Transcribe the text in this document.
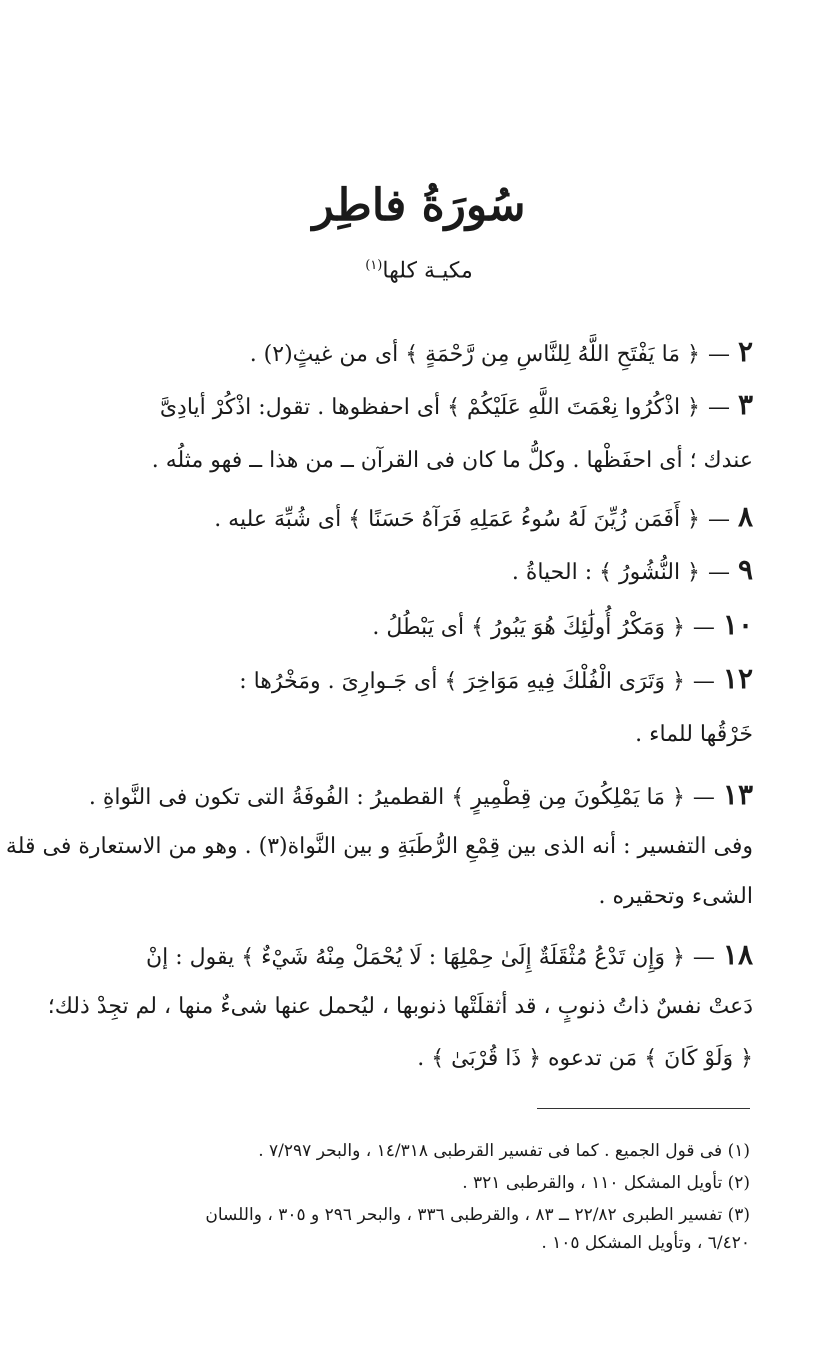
سُورَةُ فاطِر
مكيـة كلها$^{(١)}$
٢—﴿ مَا يَفْتَحِ اللَّهُ لِلنَّاسِ مِن رَّحْمَةٍ ﴾ أى من غيثٍ(٢) .
٣—﴿ اذْكُرُوا نِعْمَتَ اللَّهِ عَلَيْكُمْ ﴾ أى احفظوها . تقول: اذْكُرْ أيادِىَّ
عندك ؛ أى احفَظْها . وكلُّ ما كان فى القرآن ــ من هذا ــ فهو مثلُه .
٨—﴿ أَفَمَن زُيِّنَ لَهُ سُوءُ عَمَلِهِ فَرَآهُ حَسَنًا ﴾ أى شُبِّهَ عليه .
٩—﴿ النُّشُورُ ﴾ : الحياةُ .
١٠—﴿ وَمَكْرُ أُولَٰئِكَ هُوَ يَبُورُ ﴾ أى يَبْطُلُ .
١٢—﴿ وَتَرَى الْفُلْكَ فِيهِ مَوَاخِرَ ﴾ أى جَـوارِىَ . ومَخْرُها :
خَرْقُها للماء .
١٣—﴿ مَا يَمْلِكُونَ مِن قِطْمِيرٍ ﴾ القطميرُ : الفُوفَةُ التى تكون فى النَّواةِ .
وفى التفسير : أنه الذى بين قِمْعِ الرُّطَبَةِ و بين النَّواة(٣) . وهو من الاستعارة فى قلة
الشىء وتحقيره .
١٨—﴿ وَإِن تَدْعُ مُثْقَلَةٌ إِلَىٰ حِمْلِهَا : لَا يُحْمَلْ مِنْهُ شَيْءٌ ﴾ يقول : إنْ
دَعتْ نفسٌ ذاتُ ذنوبٍ ، قد أثقلَتْها ذنوبها ، ليُحمل عنها شىءٌ منها ، لم تجِدْ ذلك؛
﴿ وَلَوْ كَانَ ﴾ مَن تدعوه ﴿ ذَا قُرْبَىٰ ﴾ .
(١) فى قول الجميع . كما فى تفسير القرطبى ١٤/٣١٨ ، والبحر ٧/٢٩٧ .
(٢) تأويل المشكل ١١٠ ، والقرطبى ٣٢١ .
(٣) تفسير الطبرى ٢٢/٨٢ ــ ٨٣ ، والقرطبى ٣٣٦ ، والبحر ٢٩٦ و ٣٠٥ ، واللسان
٦/٤٢٠ ، وتأويل المشكل ١٠٥ .
